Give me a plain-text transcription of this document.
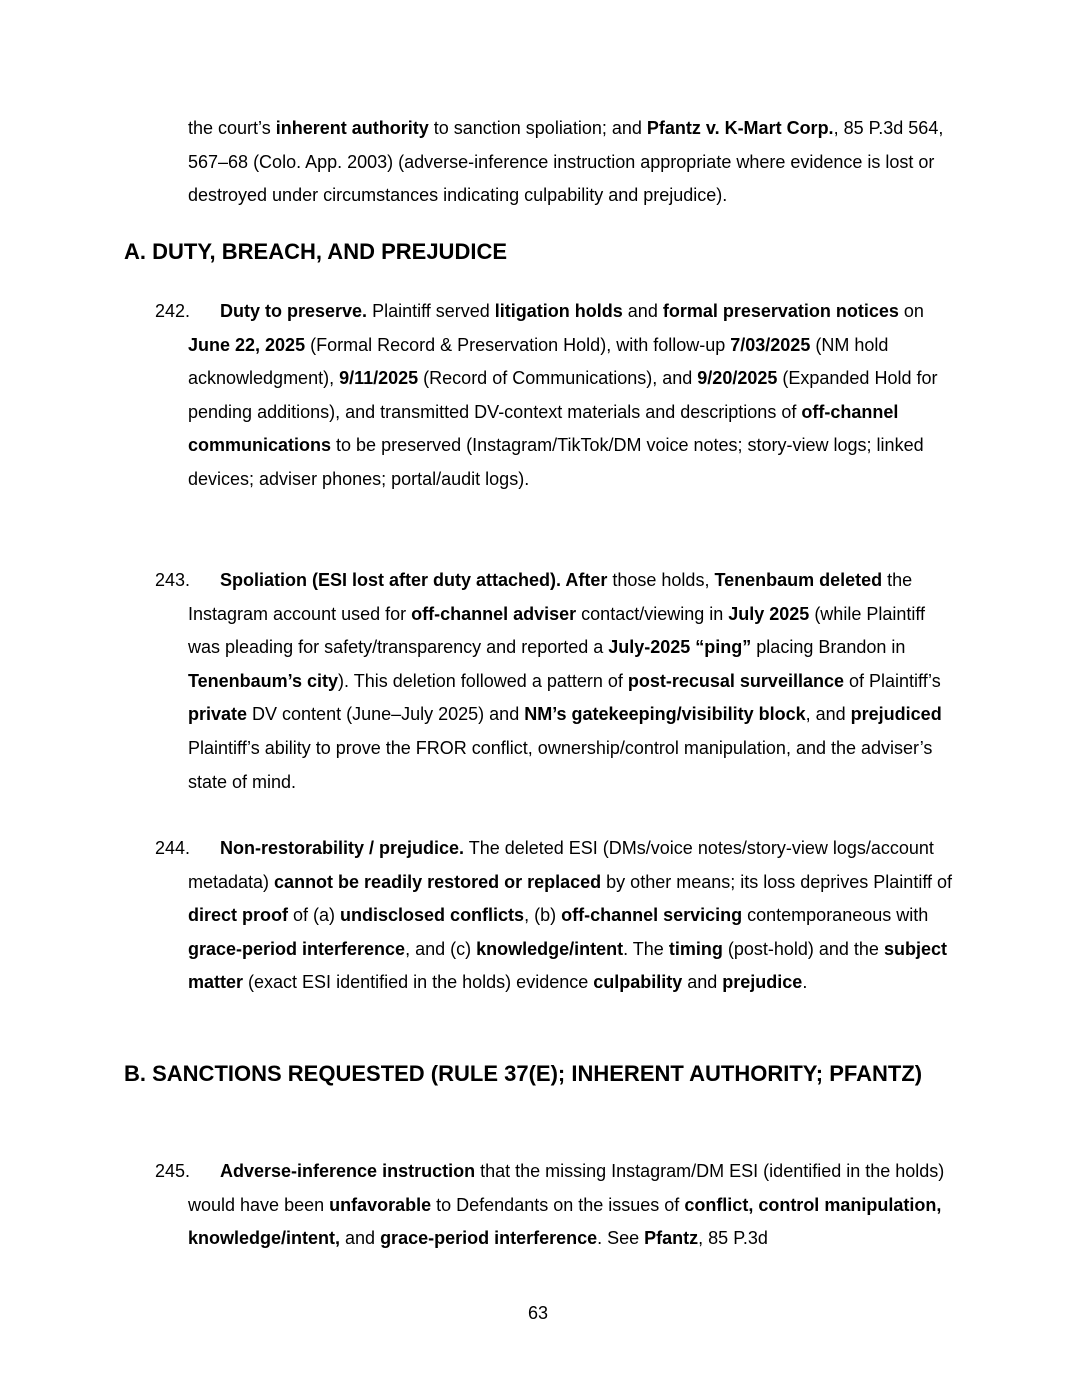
the court’s inherent authority to sanction spoliation; and Pfantz v. K-Mart Corp., 85 P.3d 564, 567–68 (Colo. App. 2003) (adverse-inference instruction appropriate where evidence is lost or destroyed under circumstances indicating culpability and prejudice).
A. DUTY, BREACH, AND PREJUDICE
242. Duty to preserve. Plaintiff served litigation holds and formal preservation notices on June 22, 2025 (Formal Record & Preservation Hold), with follow-up 7/03/2025 (NM hold acknowledgment), 9/11/2025 (Record of Communications), and 9/20/2025 (Expanded Hold for pending additions), and transmitted DV-context materials and descriptions of off-channel communications to be preserved (Instagram/TikTok/DM voice notes; story-view logs; linked devices; adviser phones; portal/audit logs).
243. Spoliation (ESI lost after duty attached). After those holds, Tenenbaum deleted the Instagram account used for off-channel adviser contact/viewing in July 2025 (while Plaintiff was pleading for safety/transparency and reported a July-2025 “ping” placing Brandon in Tenenbaum’s city). This deletion followed a pattern of post-recusal surveillance of Plaintiff’s private DV content (June–July 2025) and NM’s gatekeeping/visibility block, and prejudiced Plaintiff’s ability to prove the FROR conflict, ownership/control manipulation, and the adviser’s state of mind.
244. Non-restorability / prejudice. The deleted ESI (DMs/voice notes/story-view logs/account metadata) cannot be readily restored or replaced by other means; its loss deprives Plaintiff of direct proof of (a) undisclosed conflicts, (b) off-channel servicing contemporaneous with grace-period interference, and (c) knowledge/intent. The timing (post-hold) and the subject matter (exact ESI identified in the holds) evidence culpability and prejudice.
B. SANCTIONS REQUESTED (RULE 37(E); INHERENT AUTHORITY; PFANTZ)
245. Adverse-inference instruction that the missing Instagram/DM ESI (identified in the holds) would have been unfavorable to Defendants on the issues of conflict, control manipulation, knowledge/intent, and grace-period interference. See Pfantz, 85 P.3d
63
